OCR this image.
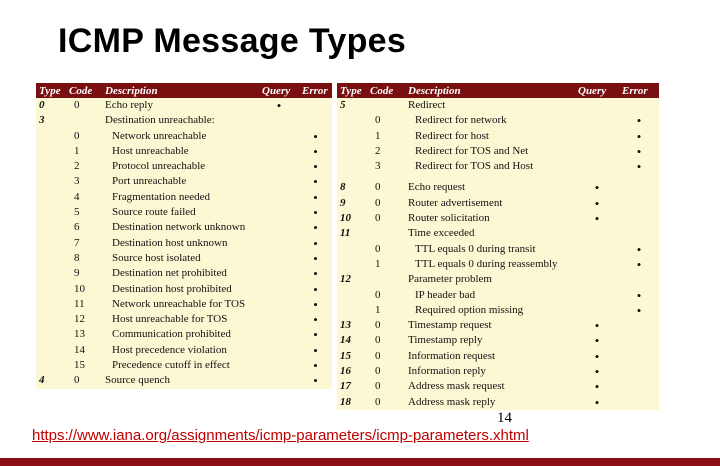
ICMP Message Types
Type	Code	Description	Query	Error
0	0	Echo reply	•	
3		Destination unreachable:		
	0	Network unreachable		•
	1	Host unreachable		•
	2	Protocol unreachable		•
	3	Port unreachable		•
	4	Fragmentation needed		•
	5	Source route failed		•
	6	Destination network unknown		•
	7	Destination host unknown		•
	8	Source host isolated		•
	9	Destination net prohibited		•
	10	Destination host prohibited		•
	11	Network unreachable for TOS		•
	12	Host unreachable for TOS		•
	13	Communication prohibited		•
	14	Host precedence violation		•
	15	Precedence cutoff in effect		•
4	0	Source quench		•
Type	Code	Description	Query	Error
5		Redirect		
	0	Redirect for network		•
	1	Redirect for host		•
	2	Redirect for TOS and Net		•
	3	Redirect for TOS and Host		•

8	0	Echo request	•	
9	0	Router advertisement	•	
10	0	Router solicitation	•	
11		Time exceeded		
	0	TTL equals 0 during transit		•
	1	TTL equals 0 during reassembly		•
12		Parameter problem		
	0	IP header bad		•
	1	Required option missing		•
13	0	Timestamp request	•	
14	0	Timestamp reply	•	
15	0	Information request	•	
16	0	Information reply	•	
17	0	Address mask request	•	
18	0	Address mask reply	•	
14
https://www.iana.org/assignments/icmp-parameters/icmp-parameters.xhtml
